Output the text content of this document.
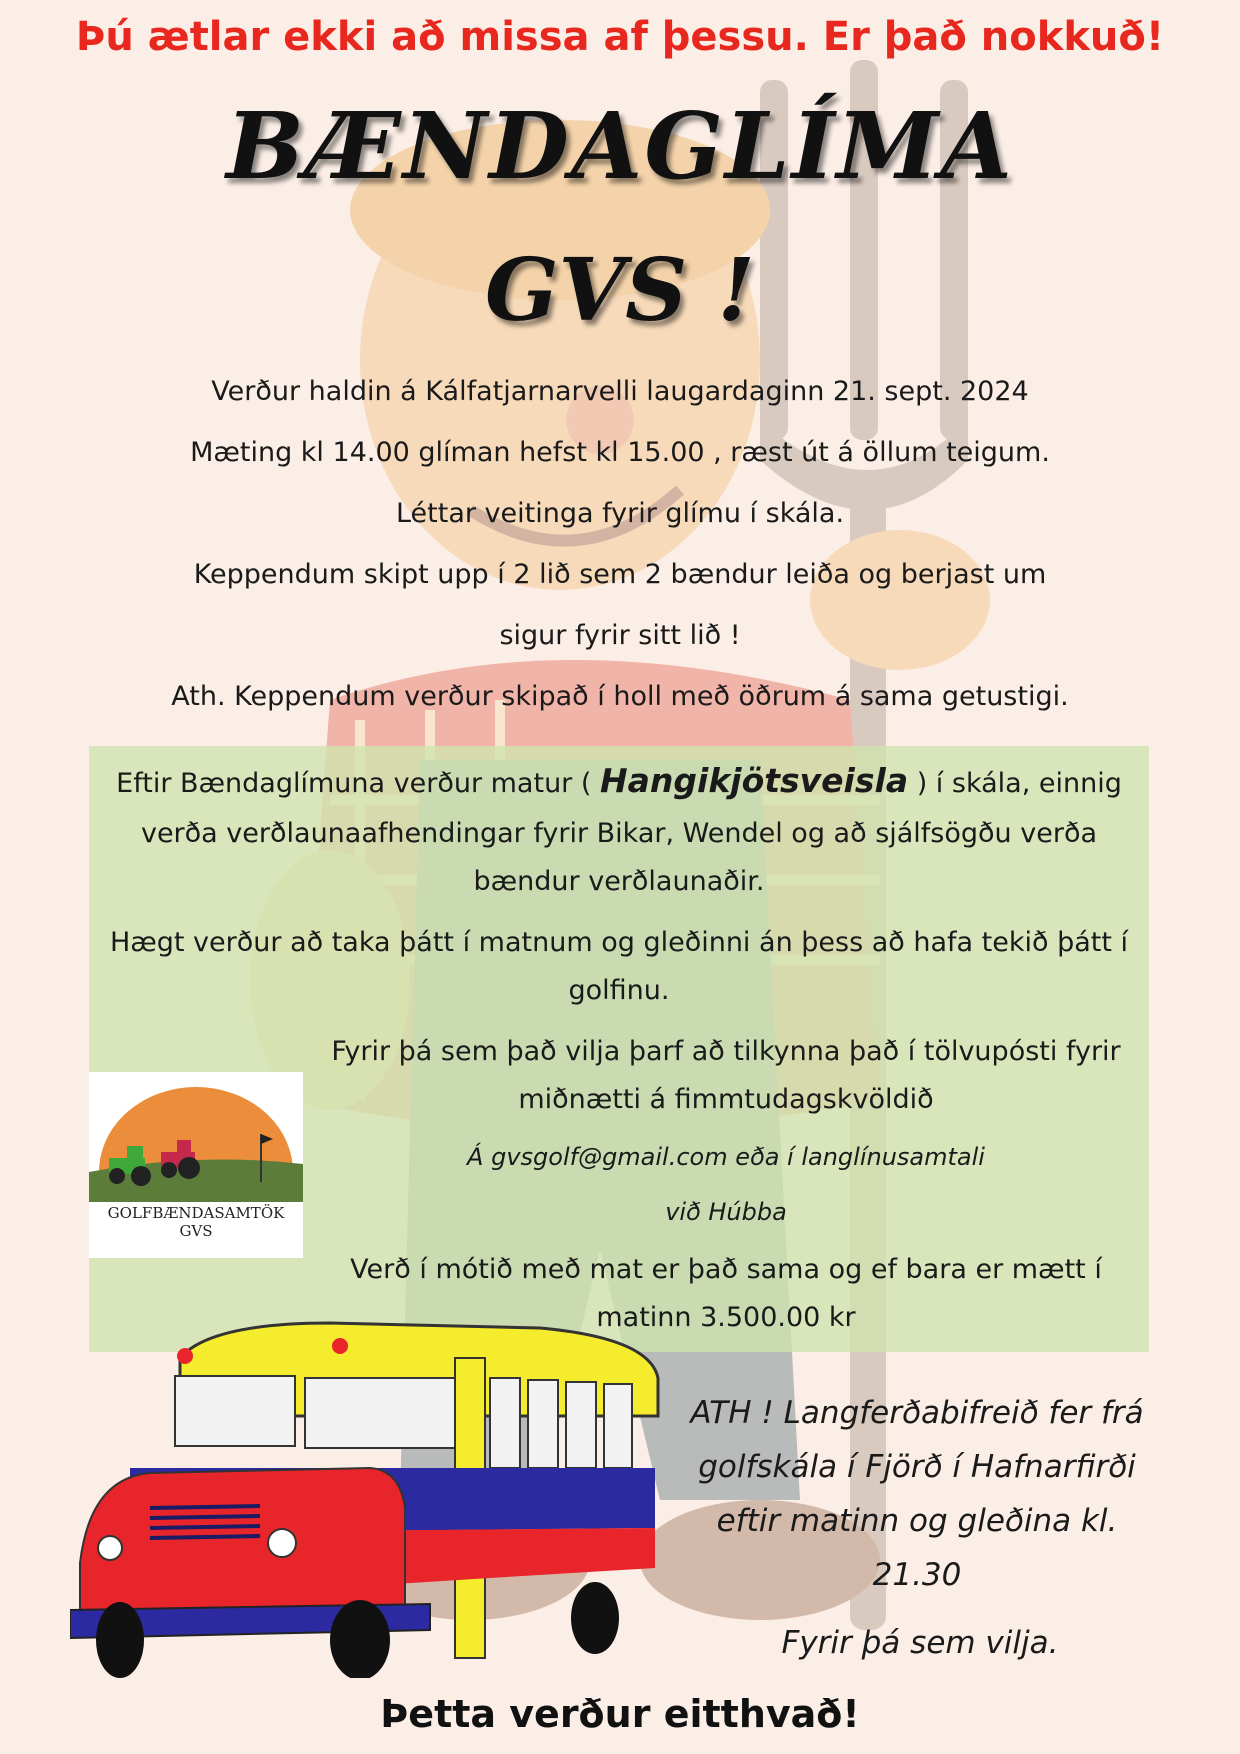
Þú ætlar ekki að missa af þessu. Er það nokkuð!
BÆNDAGLÍMA
GVS !
Verður haldin á Kálfatjarnarvelli laugardaginn 21. sept. 2024
Mæting kl 14.00 glíman hefst kl 15.00 , ræst út á öllum teigum.
Léttar veitinga fyrir glímu í skála.
Keppendum skipt upp í 2 lið sem 2 bændur leiða og berjast um
sigur fyrir sitt lið !
Ath. Keppendum verður skipað í holl með öðrum á sama getustigi.
Eftir Bændaglímuna verður matur ( Hangikjötsveisla ) í skála, einnig
verða verðlaunaafhendingar fyrir Bikar, Wendel og að sjálfsögðu verða
bændur verðlaunaðir.
Hægt verður að taka þátt í matnum og gleðinni án þess að hafa tekið þátt í
golfinu.
Fyrir þá sem það vilja þarf að tilkynna það í tölvupósti fyrir
miðnætti á fimmtudagskvöldið
Á gvsgolf@gmail.com eða í langlínusamtali
við Húbba
Verð í mótið með mat er það sama og ef bara er mætt í
matinn 3.500.00 kr
GOLFBÆNDASAMTÖK
GVS
ATH ! Langferðabifreið fer frá
golfskála í Fjörð í Hafnarfirði
eftir matinn og gleðina kl.
21.30
Fyrir þá sem vilja.
Þetta verður eitthvað!
